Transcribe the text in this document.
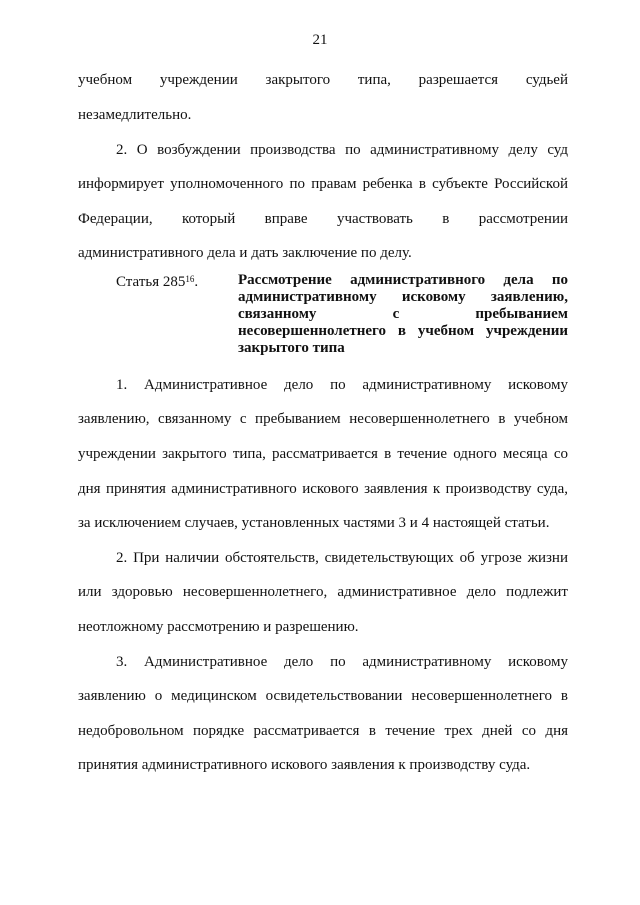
21
учебном учреждении закрытого типа, разрешается судьей
незамедлительно.
2. О возбуждении производства по административному делу суд
информирует уполномоченного по правам ребенка в субъекте Российской
Федерации, который вправе участвовать в рассмотрении
административного дела и дать заключение по делу.
Статья $285^{16}$.	Рассмотрение административного дела по
административному исковому заявлению,
связанному с пребыванием
несовершеннолетнего в учебном учреждении
закрытого типа
1. Административное дело по административному исковому
заявлению, связанному с пребыванием несовершеннолетнего в учебном
учреждении закрытого типа, рассматривается в течение одного месяца со
дня принятия административного искового заявления к производству суда,
за исключением случаев, установленных частями 3 и 4 настоящей статьи.
2. При наличии обстоятельств, свидетельствующих об угрозе жизни
или здоровью несовершеннолетнего, административное дело подлежит
неотложному рассмотрению и разрешению.
3. Административное дело по административному исковому
заявлению о медицинском освидетельствовании несовершеннолетнего в
недобровольном порядке рассматривается в течение трех дней со дня
принятия административного искового заявления к производству суда.
